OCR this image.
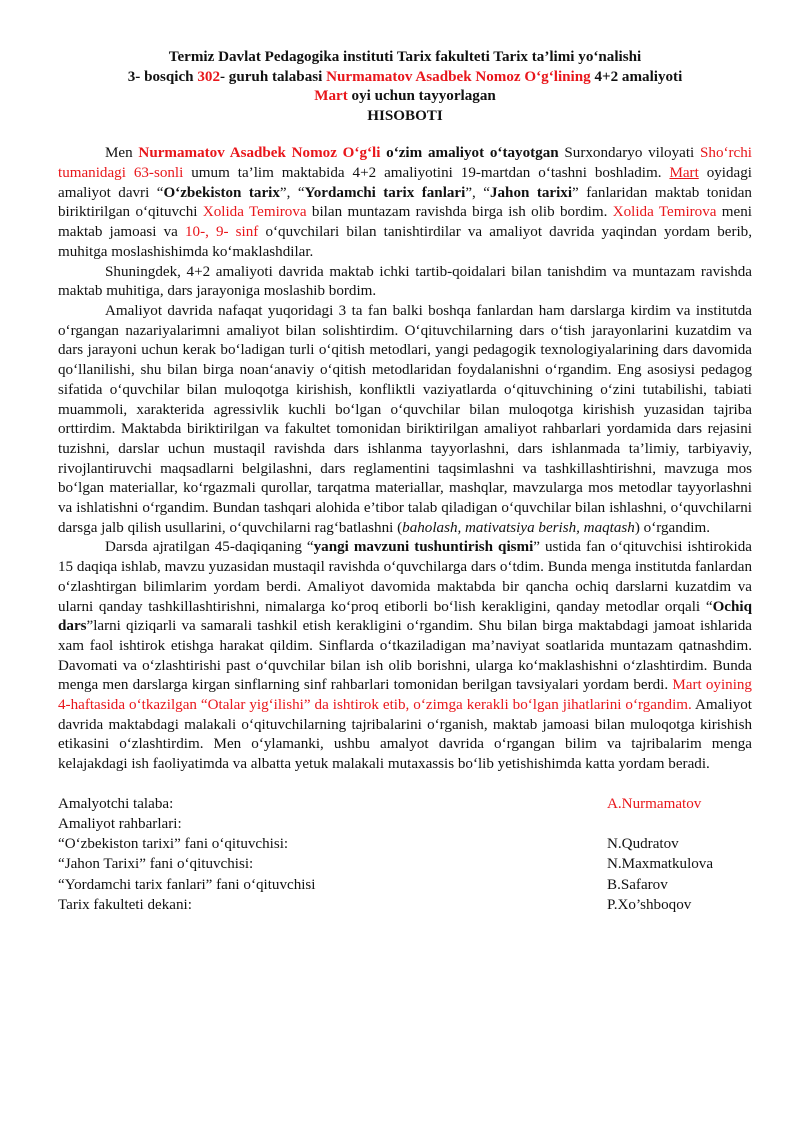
Termiz Davlat Pedagogika instituti Tarix fakulteti Tarix ta’limi yo‘nalishi
3- bosqich 302- guruh talabasi Nurmamatov Asadbek Nomoz O‘g‘lining 4+2 amaliyoti
Mart oyi uchun tayyorlagan
HISOBOTI

Men Nurmamatov Asadbek Nomoz O‘g‘li o‘zim amaliyot o‘tayotgan Surxondaryo viloyati Sho‘rchi tumanidagi 63-sonli umum ta’lim maktabida 4+2 amaliyotini 19-martdan o‘tashni boshladim. Mart oyidagi amaliyot davri “O‘zbekiston tarix”, “Yordamchi tarix fanlari”, “Jahon tarixi” fanlaridan maktab tonidan biriktirilgan o‘qituvchi Xolida Temirova bilan muntazam ravishda birga ish olib bordim. Xolida Temirova meni maktab jamoasi va 10-, 9- sinf o‘quvchilari bilan tanishtirdilar va amaliyot davrida yaqindan yordam berib, muhitga moslashishimda ko‘maklashdilar.

Shuningdek, 4+2 amaliyoti davrida maktab ichki tartib-qoidalari bilan tanishdim va muntazam ravishda maktab muhitiga, dars jarayoniga moslashib bordim.

Amaliyot davrida nafaqat yuqoridagi 3 ta fan balki boshqa fanlardan ham darslarga kirdim va institutda o‘rgangan nazariyalarimni amaliyot bilan solishtirdim. O‘qituvchilarning dars o‘tish jarayonlarini kuzatdim va dars jarayoni uchun kerak bo‘ladigan turli o‘qitish metodlari, yangi pedagogik texnologiyalarining dars davomida qo‘llanilishi, shu bilan birga noan‘anaviy o‘qitish metodlaridan foydalanishni o‘rgandim. Eng asosiysi pedagog sifatida o‘quvchilar bilan muloqotga kirishish, konfliktli vaziyatlarda o‘qituvchining o‘zini tutabilishi, tabiati muammoli, xarakterida agressivlik kuchli bo‘lgan o‘quvchilar bilan muloqotga kirishish yuzasidan tajriba orttirdim. Maktabda biriktirilgan va fakultet tomonidan biriktirilgan amaliyot rahbarlari yordamida dars rejasini tuzishni, darslar uchun mustaqil ravishda dars ishlanma tayyorlashni, dars ishlanmada ta’limiy, tarbiyaviy, rivojlantiruvchi maqsadlarni belgilashni, dars reglamentini taqsimlashni va tashkillashtirishni, mavzuga mos bo‘lgan materiallar, ko‘rgazmali qurollar, tarqatma materiallar, mashqlar, mavzularga mos metodlar tayyorlashni va ishlatishni o‘rgandim. Bundan tashqari alohida e’tibor talab qiladigan o‘quvchilar bilan ishlashni, o‘quvchilarni darsga jalb qilish usullarini, o‘quvchilarni rag‘batlashni (baholash, mativatsiya berish, maqtash) o‘rgandim.

Darsda ajratilgan 45-daqiqaning “yangi mavzuni tushuntirish qismi” ustida fan o‘qituvchisi ishtirokida 15 daqiqa ishlab, mavzu yuzasidan mustaqil ravishda o‘quvchilarga dars o‘tdim. Bunda menga institutda fanlardan o‘zlashtirgan bilimlarim yordam berdi. Amaliyot davomida maktabda bir qancha ochiq darslarni kuzatdim va ularni qanday tashkillashtirishni, nimalarga ko‘proq etiborli bo‘lish kerakligini, qanday metodlar orqali “Ochiq dars”larni qiziqarli va samarali tashkil etish kerakligini o‘rgandim. Shu bilan birga maktabdagi jamoat ishlarida xam faol ishtirok etishga harakat qildim. Sinflarda o‘tkaziladigan ma’naviyat soatlarida muntazam qatnashdim. Davomati va o‘zlashtirishi past o‘quvchilar bilan ish olib borishni, ularga ko‘maklashishni o‘zlashtirdim. Bunda menga men darslarga kirgan sinflarning sinf rahbarlari tomonidan berilgan tavsiyalari yordam berdi. Mart oyining 4-haftasida o‘tkazilgan “Otalar yig‘ilishi” da ishtirok etib, o‘zimga kerakli bo‘lgan jihatlarini o‘rgandim. Amaliyot davrida maktabdagi malakali o‘qituvchilarning tajribalarini o‘rganish, maktab jamoasi bilan muloqotga kirishish etikasini o‘zlashtirdim. Men o‘ylamanki, ushbu amalyot davrida o‘rgangan bilim va tajribalarim menga kelajakdagi ish faoliyatimda va albatta yetuk malakali mutaxassis bo‘lib yetishishimda katta yordam beradi.

Amalyotchi talaba:	A.Nurmamatov
Amaliyot rahbarlari:
“O‘zbekiston tarixi” fani o‘qituvchisi:	N.Qudratov
“Jahon Tarixi” fani o‘qituvchisi:	N.Maxmatkulova
“Yordamchi tarix fanlari” fani o‘qituvchisi	B.Safarov
Tarix fakulteti dekani:	P.Xo’shboqov
